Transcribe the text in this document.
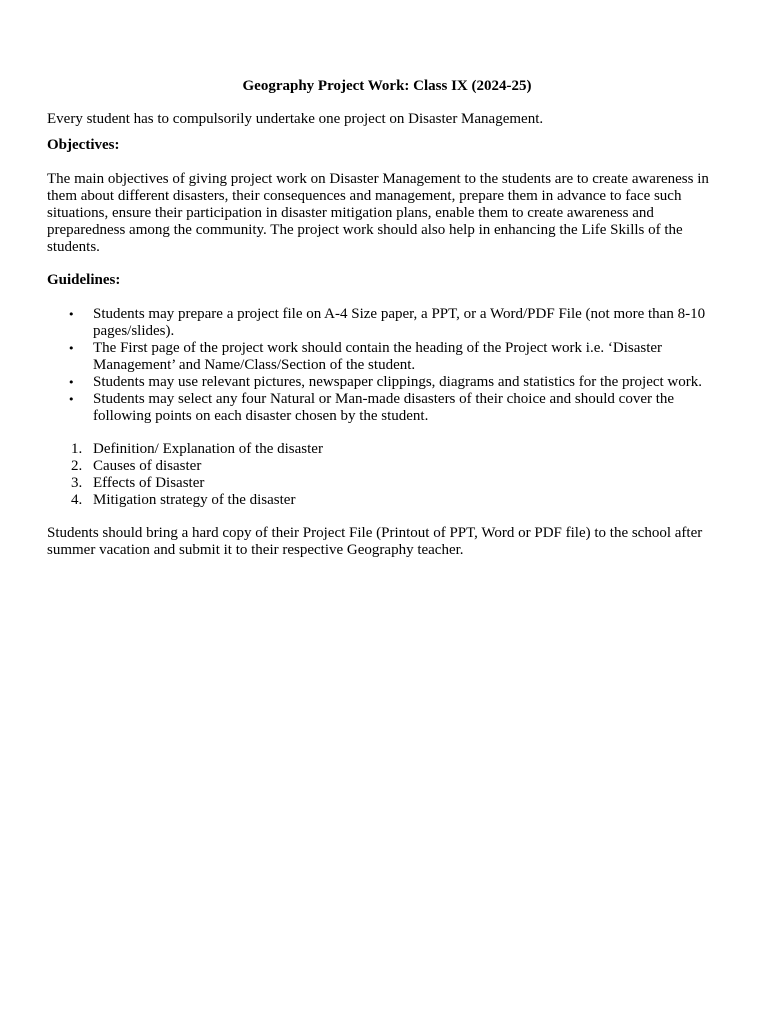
Geography Project Work: Class IX (2024-25)

Every student has to compulsorily undertake one project on Disaster Management.

Objectives:

The main objectives of giving project work on Disaster Management to the students are to create awareness in them about different disasters, their consequences and management, prepare them in advance to face such situations, ensure their participation in disaster mitigation plans, enable them to create awareness and preparedness among the community. The project work should also help in enhancing the Life Skills of the students.

Guidelines:

• Students may prepare a project file on A-4 Size paper, a PPT, or a Word/PDF File (not more than 8-10 pages/slides).
• The First page of the project work should contain the heading of the Project work i.e. ‘Disaster Management’ and Name/Class/Section of the student.
• Students may use relevant pictures, newspaper clippings, diagrams and statistics for the project work.
• Students may select any four Natural or Man-made disasters of their choice and should cover the following points on each disaster chosen by the student.
1. Definition/ Explanation of the disaster
2. Causes of disaster
3. Effects of Disaster
4. Mitigation strategy of the disaster

Students should bring a hard copy of their Project File (Printout of PPT, Word or PDF file) to the school after summer vacation and submit it to their respective Geography teacher.
